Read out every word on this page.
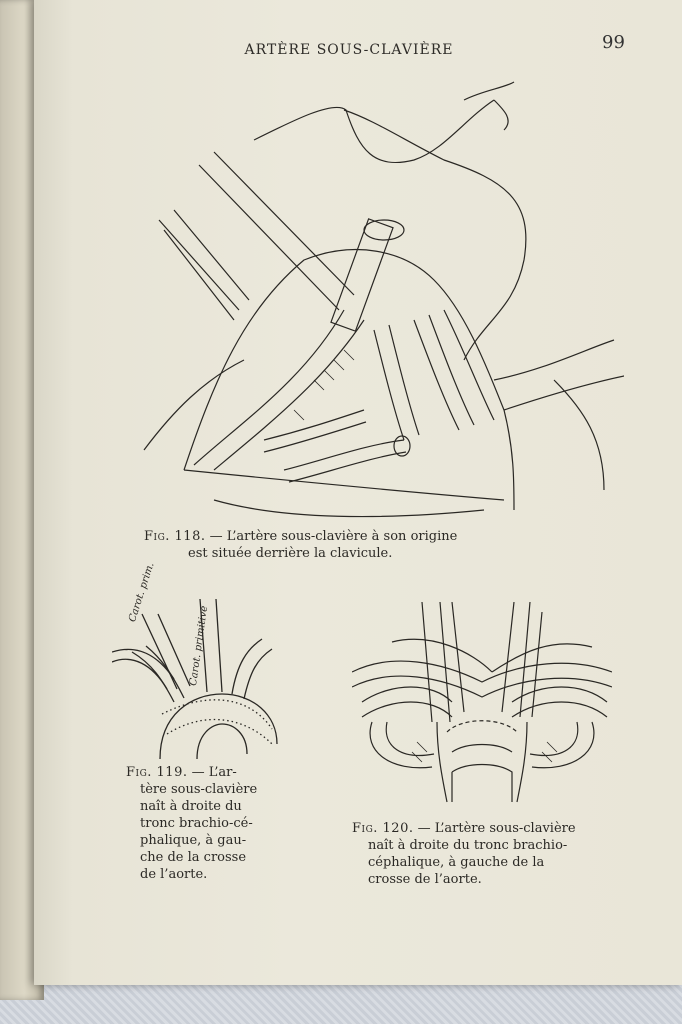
ARTÈRE SOUS-CLAVIÈRE	99
Fig. 118. — L’artère sous-clavière à son origine
est située derrière la clavicule.
Carot. prim.
Carot. primitive
Fig. 119. — L’ar-
tère sous-clavière
naît à droite du
tronc brachio-cé-
phalique, à gau-
che de la crosse
de l’aorte.
Fig. 120. — L’artère sous-clavière
naît à droite du tronc brachio-
céphalique, à gauche de la
crosse de l’aorte.
